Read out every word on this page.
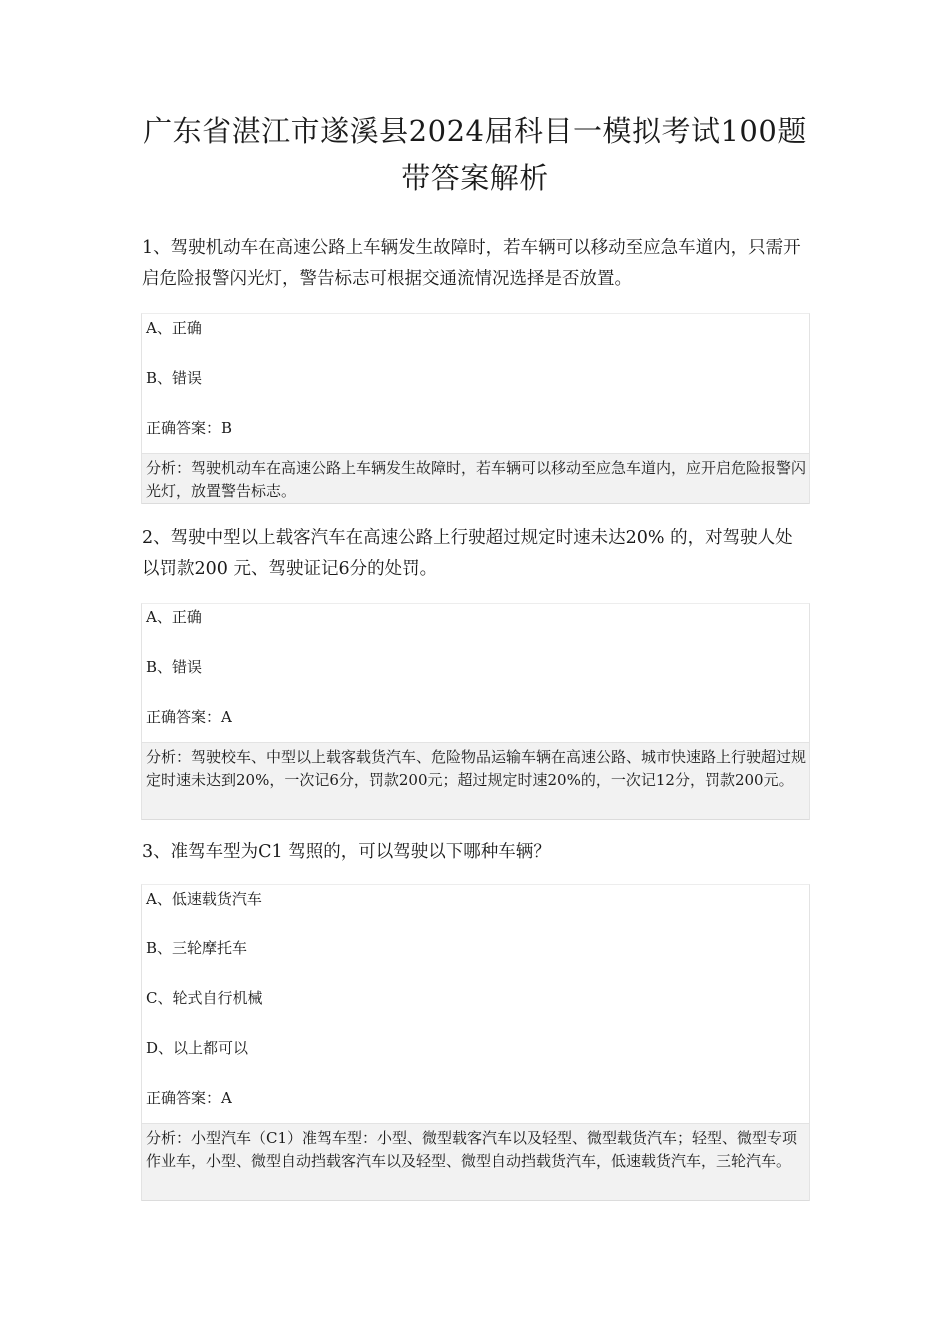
广东省湛江市遂溪县2024届科目一模拟考试100题
带答案解析
1、驾驶机动车在高速公路上车辆发生故障时，若车辆可以移动至应急车道内，只需开启危险报警闪光灯，警告标志可根据交通流情况选择是否放置。
A、正确
B、错误
正确答案：B
分析：驾驶机动车在高速公路上车辆发生故障时，若车辆可以移动至应急车道内，应开启危险报警闪光灯，放置警告标志。
2、驾驶中型以上载客汽车在高速公路上行驶超过规定时速未达20% 的，对驾驶人处以罚款200 元、驾驶证记6分的处罚。
A、正确
B、错误
正确答案：A
分析：驾驶校车、中型以上载客载货汽车、危险物品运输车辆在高速公路、城市快速路上行驶超过规定时速未达到20%，一次记6分，罚款200元；超过规定时速20%的，一次记12分，罚款200元。
3、准驾车型为C1 驾照的，可以驾驶以下哪种车辆？
A、低速载货汽车
B、三轮摩托车
C、轮式自行机械
D、以上都可以
正确答案：A
分析：小型汽车（C1）准驾车型：小型、微型载客汽车以及轻型、微型载货汽车；轻型、微型专项作业车，小型、微型自动挡载客汽车以及轻型、微型自动挡载货汽车，低速载货汽车，三轮汽车。
